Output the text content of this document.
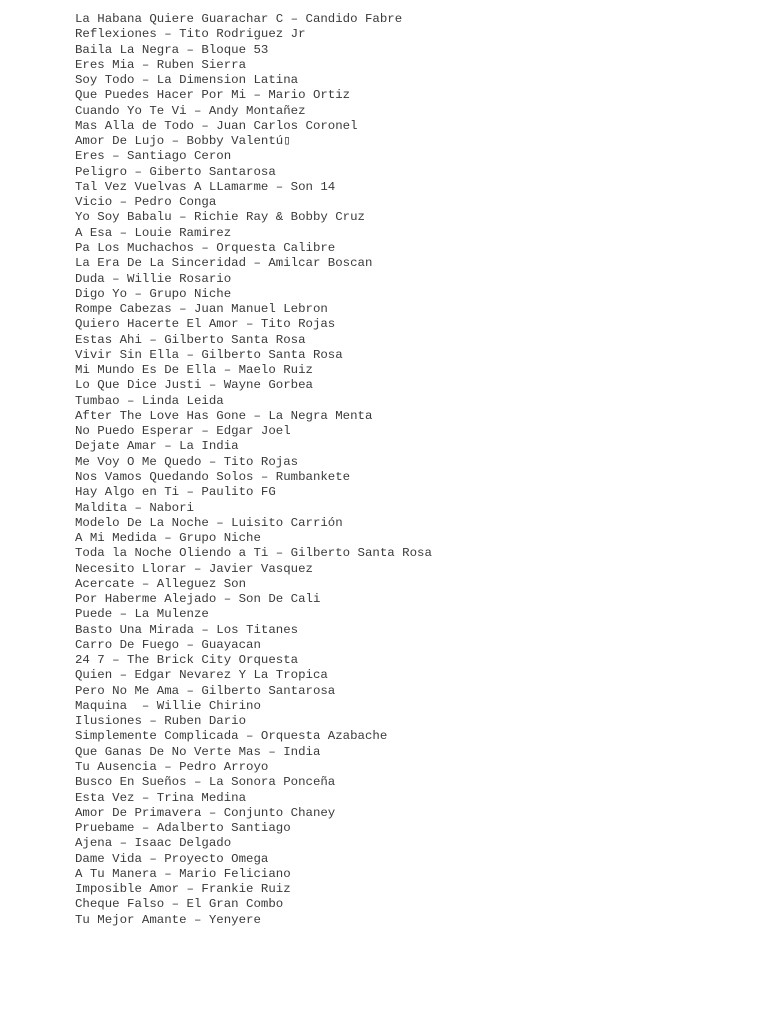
La Habana Quiere Guarachar C – Candido Fabre
Reflexiones – Tito Rodriguez Jr
Baila La Negra – Bloque 53
Eres Mia – Ruben Sierra
Soy Todo – La Dimension Latina
Que Puedes Hacer Por Mi – Mario Ortiz
Cuando Yo Te Vi – Andy Montañez
Mas Alla de Todo – Juan Carlos Coronel
Amor De Lujo – Bobby Valentú▯
Eres – Santiago Ceron
Peligro – Giberto Santarosa
Tal Vez Vuelvas A LLamarme – Son 14
Vicio – Pedro Conga
Yo Soy Babalu – Richie Ray & Bobby Cruz
A Esa – Louie Ramirez
Pa Los Muchachos – Orquesta Calibre
La Era De La Sinceridad – Amilcar Boscan
Duda – Willie Rosario
Digo Yo – Grupo Niche
Rompe Cabezas – Juan Manuel Lebron
Quiero Hacerte El Amor – Tito Rojas
Estas Ahi – Gilberto Santa Rosa
Vivir Sin Ella – Gilberto Santa Rosa
Mi Mundo Es De Ella – Maelo Ruiz
Lo Que Dice Justi – Wayne Gorbea
Tumbao – Linda Leida
After The Love Has Gone – La Negra Menta
No Puedo Esperar – Edgar Joel
Dejate Amar – La India
Me Voy O Me Quedo – Tito Rojas
Nos Vamos Quedando Solos – Rumbankete
Hay Algo en Ti – Paulito FG
Maldita – Nabori
Modelo De La Noche – Luisito Carrión
A Mi Medida – Grupo Niche
Toda la Noche Oliendo a Ti – Gilberto Santa Rosa
Necesito Llorar – Javier Vasquez
Acercate – Alleguez Son
Por Haberme Alejado – Son De Cali
Puede – La Mulenze
Basto Una Mirada – Los Titanes
Carro De Fuego – Guayacan
24 7 – The Brick City Orquesta
Quien – Edgar Nevarez Y La Tropica
Pero No Me Ama – Gilberto Santarosa
Maquina  – Willie Chirino
Ilusiones – Ruben Dario
Simplemente Complicada – Orquesta Azabache
Que Ganas De No Verte Mas – India
Tu Ausencia – Pedro Arroyo
Busco En Sueños – La Sonora Ponceña
Esta Vez – Trina Medina
Amor De Primavera – Conjunto Chaney
Pruebame – Adalberto Santiago
Ajena – Isaac Delgado
Dame Vida – Proyecto Omega
A Tu Manera – Mario Feliciano
Imposible Amor – Frankie Ruiz
Cheque Falso – El Gran Combo
Tu Mejor Amante – Yenyere
